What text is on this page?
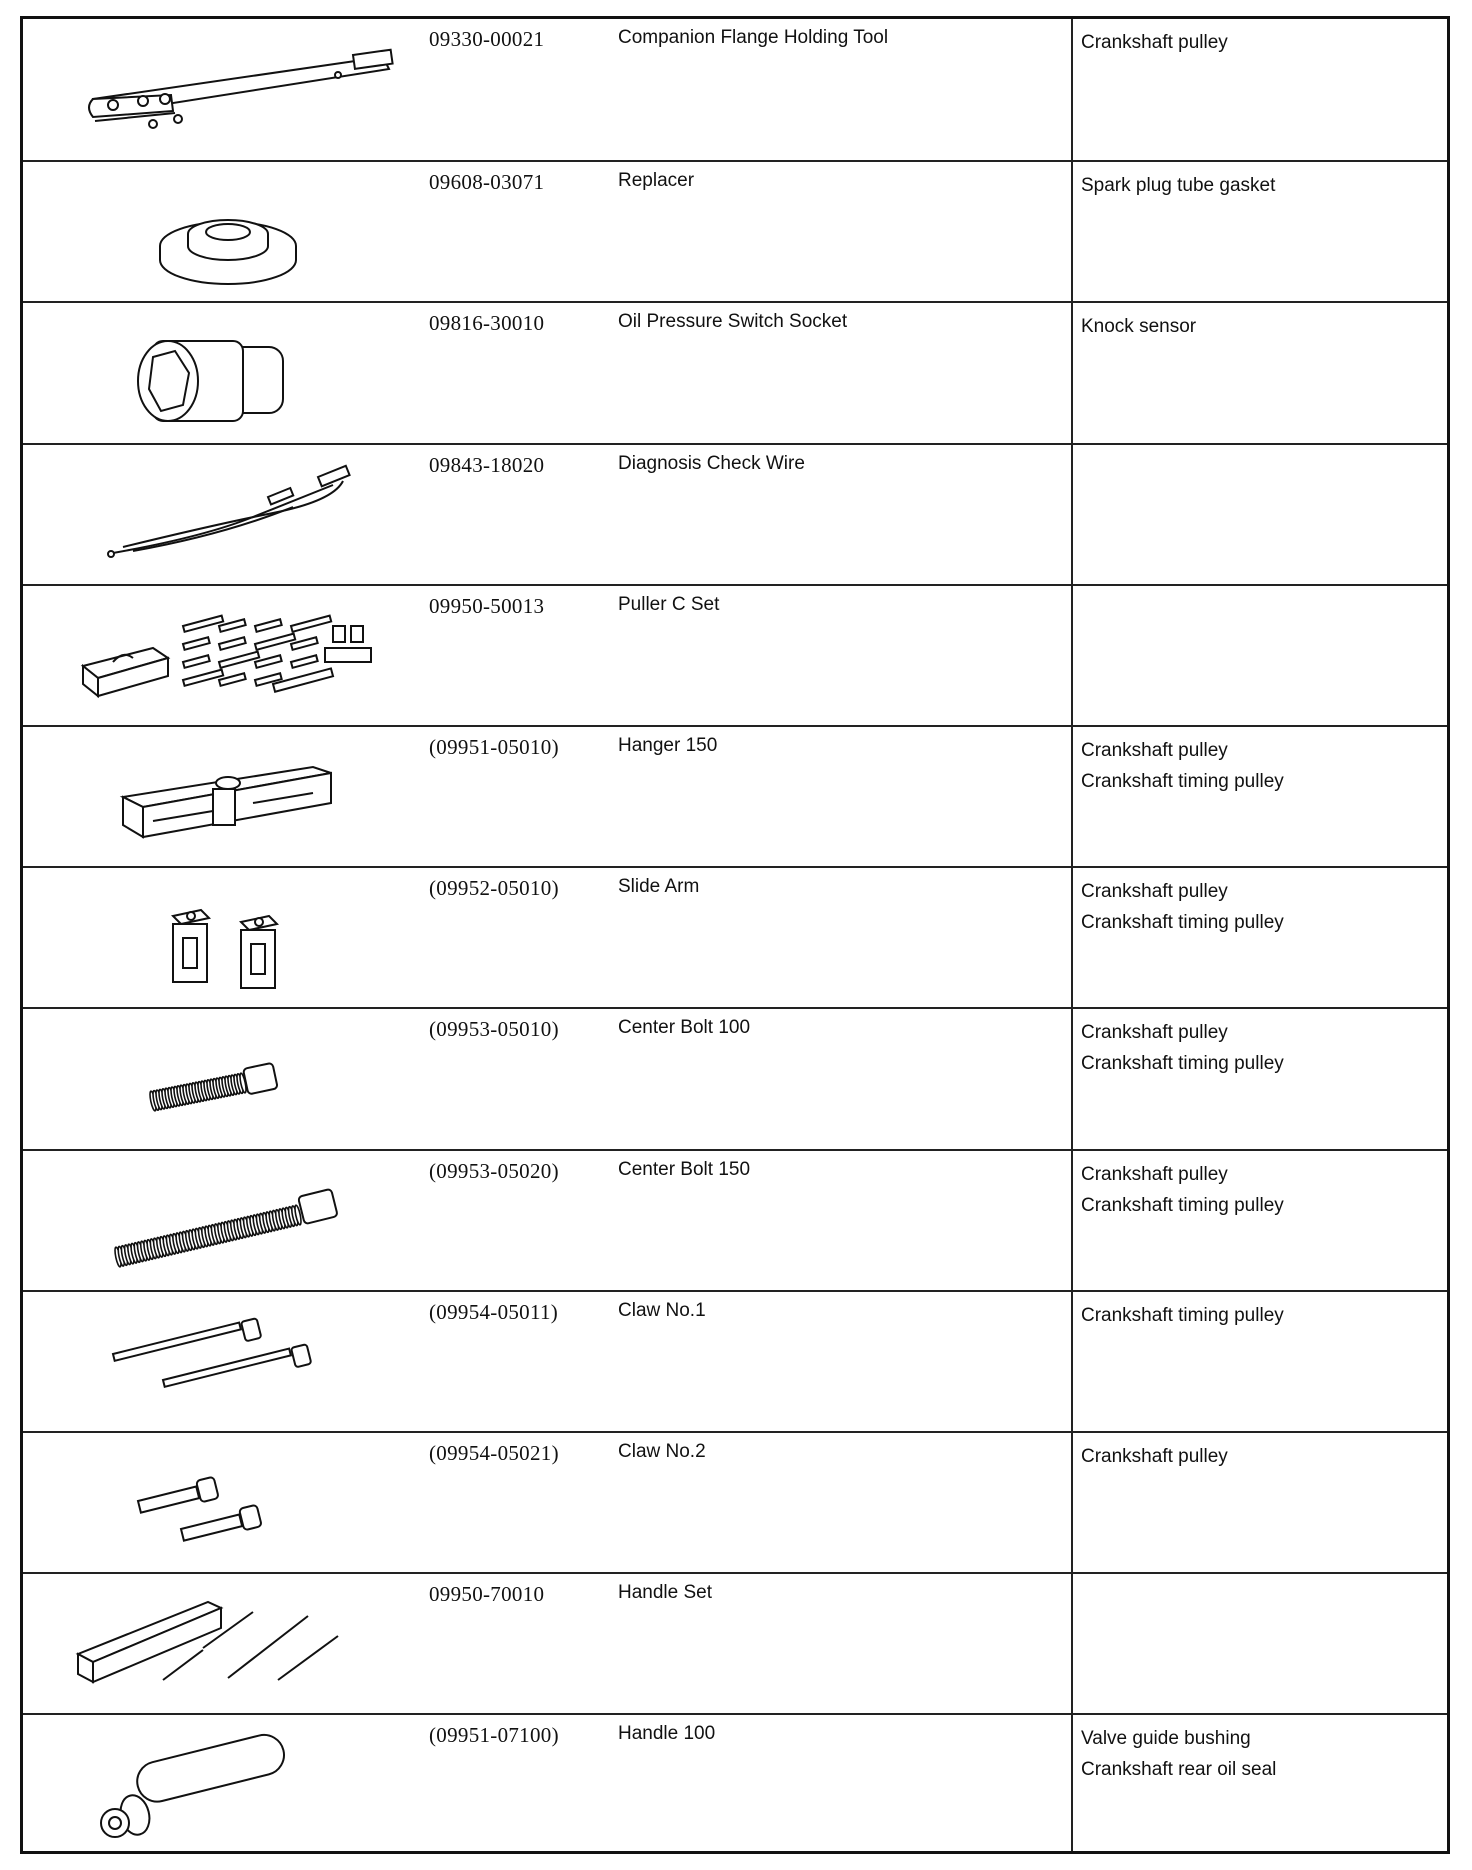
09330-00021	Companion Flange Holding Tool	Crankshaft pulley
09608-03071	Replacer	Spark plug tube gasket
09816-30010	Oil Pressure Switch Socket	Knock sensor
09843-18020	Diagnosis Check Wire
09950-50013	Puller C Set
(09951-05010)	Hanger 150	Crankshaft pulley
Crankshaft timing pulley
(09952-05010)	Slide Arm	Crankshaft pulley
Crankshaft timing pulley
(09953-05010)	Center Bolt 100	Crankshaft pulley
Crankshaft timing pulley
(09953-05020)	Center Bolt 150	Crankshaft pulley
Crankshaft timing pulley
(09954-05011)	Claw No.1	Crankshaft timing pulley
(09954-05021)	Claw No.2	Crankshaft pulley
09950-70010	Handle Set
(09951-07100)	Handle 100	Valve guide bushing
Crankshaft rear oil seal
